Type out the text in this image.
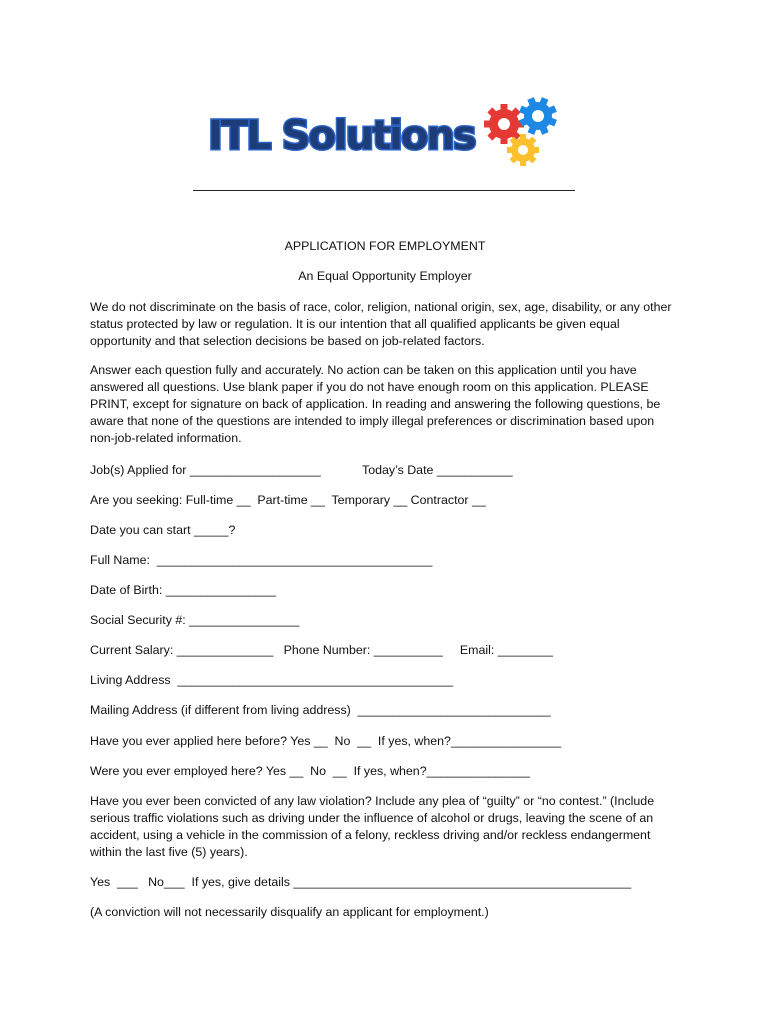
ITL Solutions
APPLICATION FOR EMPLOYMENT
An Equal Opportunity Employer
We do not discriminate on the basis of race, color, religion, national origin, sex, age, disability, or any other status protected by law or regulation. It is our intention that all qualified applicants be given equal opportunity and that selection decisions be based on job-related factors.
Answer each question fully and accurately. No action can be taken on this application until you have answered all questions. Use blank paper if you do not have enough room on this application. PLEASE PRINT, except for signature on back of application. In reading and answering the following questions, be aware that none of the questions are intended to imply illegal preferences or discrimination based upon non-job-related information.
Job(s) Applied for ___________________	Today’s Date ___________
Are you seeking: Full-time __  Part-time __  Temporary __ Contractor __
Date you can start _____?
Full Name:  ________________________________________
Date of Birth: ________________
Social Security #: ________________
Current Salary: ______________   Phone Number: __________     Email: ________
Living Address  ________________________________________
Mailing Address (if different from living address)  ____________________________
Have you ever applied here before? Yes __  No  __  If yes, when?________________
Were you ever employed here? Yes __  No  __  If yes, when?_______________
Have you ever been convicted of any law violation? Include any plea of “guilty” or “no contest.” (Include serious traffic violations such as driving under the influence of alcohol or drugs, leaving the scene of an accident, using a vehicle in the commission of a felony, reckless driving and/or reckless endangerment within the last five (5) years).
Yes  ___   No___  If yes, give details _________________________________________________
(A conviction will not necessarily disqualify an applicant for employment.)
